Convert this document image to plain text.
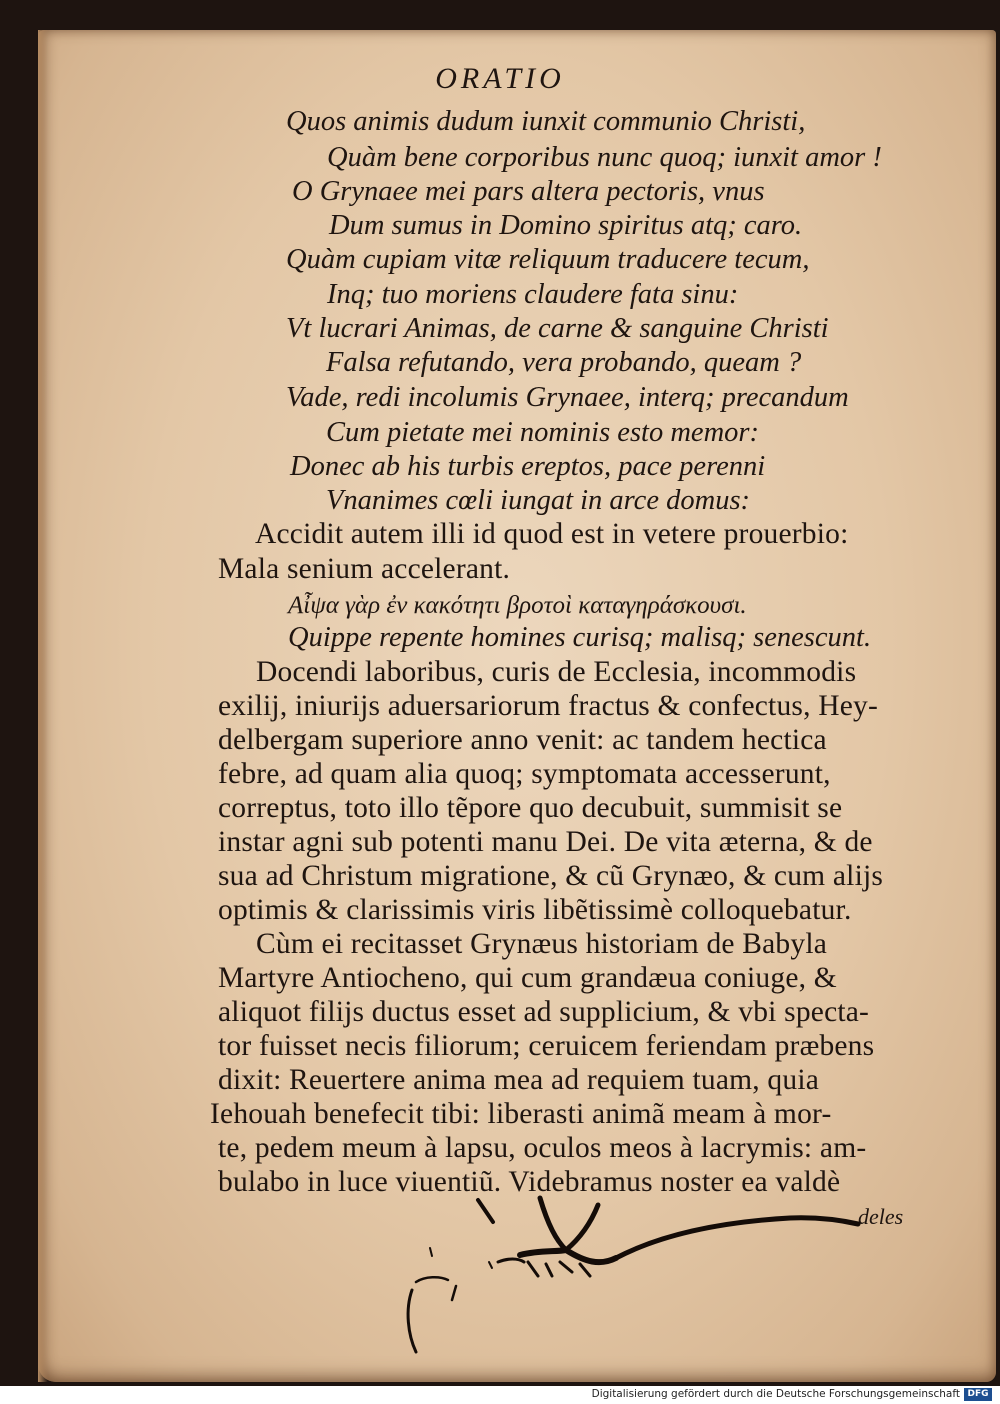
ORATIO
Quos animis dudum iunxit communio Christi,
Quàm bene corporibus nunc quoq; iunxit amor !
O Grynaee mei pars altera pectoris, vnus
Dum sumus in Domino spiritus atq; caro.
Quàm cupiam vitæ reliquum traducere tecum,
Inq; tuo moriens claudere fata sinu:
Vt lucrari Animas, de carne & sanguine Christi
Falsa refutando, vera probando, queam ?
Vade, redi incolumis Grynaee, interq; precandum
Cum pietate mei nominis esto memor:
Donec ab his turbis ereptos, pace perenni
Vnanimes cœli iungat in arce domus:
Accidit autem illi id quod est in vetere prouerbio:
Mala senium accelerant.
Αἶψα γὰρ ἐν κακότητι βροτοὶ καταγηράσκουσι.
Quippe repente homines curisq; malisq; senescunt.
Docendi laboribus, curis de Ecclesia, incommodis
exilij, iniurijs aduersariorum fractus & confectus, Hey-
delbergam superiore anno venit: ac tandem hectica
febre, ad quam alia quoq; symptomata accesserunt,
correptus, toto illo tẽpore quo decubuit, summisit se
instar agni sub potenti manu Dei. De vita æterna, & de
sua ad Christum migratione, & cũ Grynæo, & cum alijs
optimis & clarissimis viris libẽtissimè colloquebatur.
Cùm ei recitasset Grynæus historiam de Babyla
Martyre Antiocheno, qui cum grandæua coniuge, &
aliquot filijs ductus esset ad supplicium, & vbi specta-
tor fuisset necis filiorum; ceruicem feriendam præbens
dixit: Reuertere anima mea ad requiem tuam, quia
Iehouah benefecit tibi: liberasti animã meam à mor-
te, pedem meum à lapsu, oculos meos à lacrymis: am-
bulabo in luce viuentiũ. Videbramus noster ea valdè
deles
Digitalisierung gefördert durch die Deutsche Forschungsgemeinschaft DFG
